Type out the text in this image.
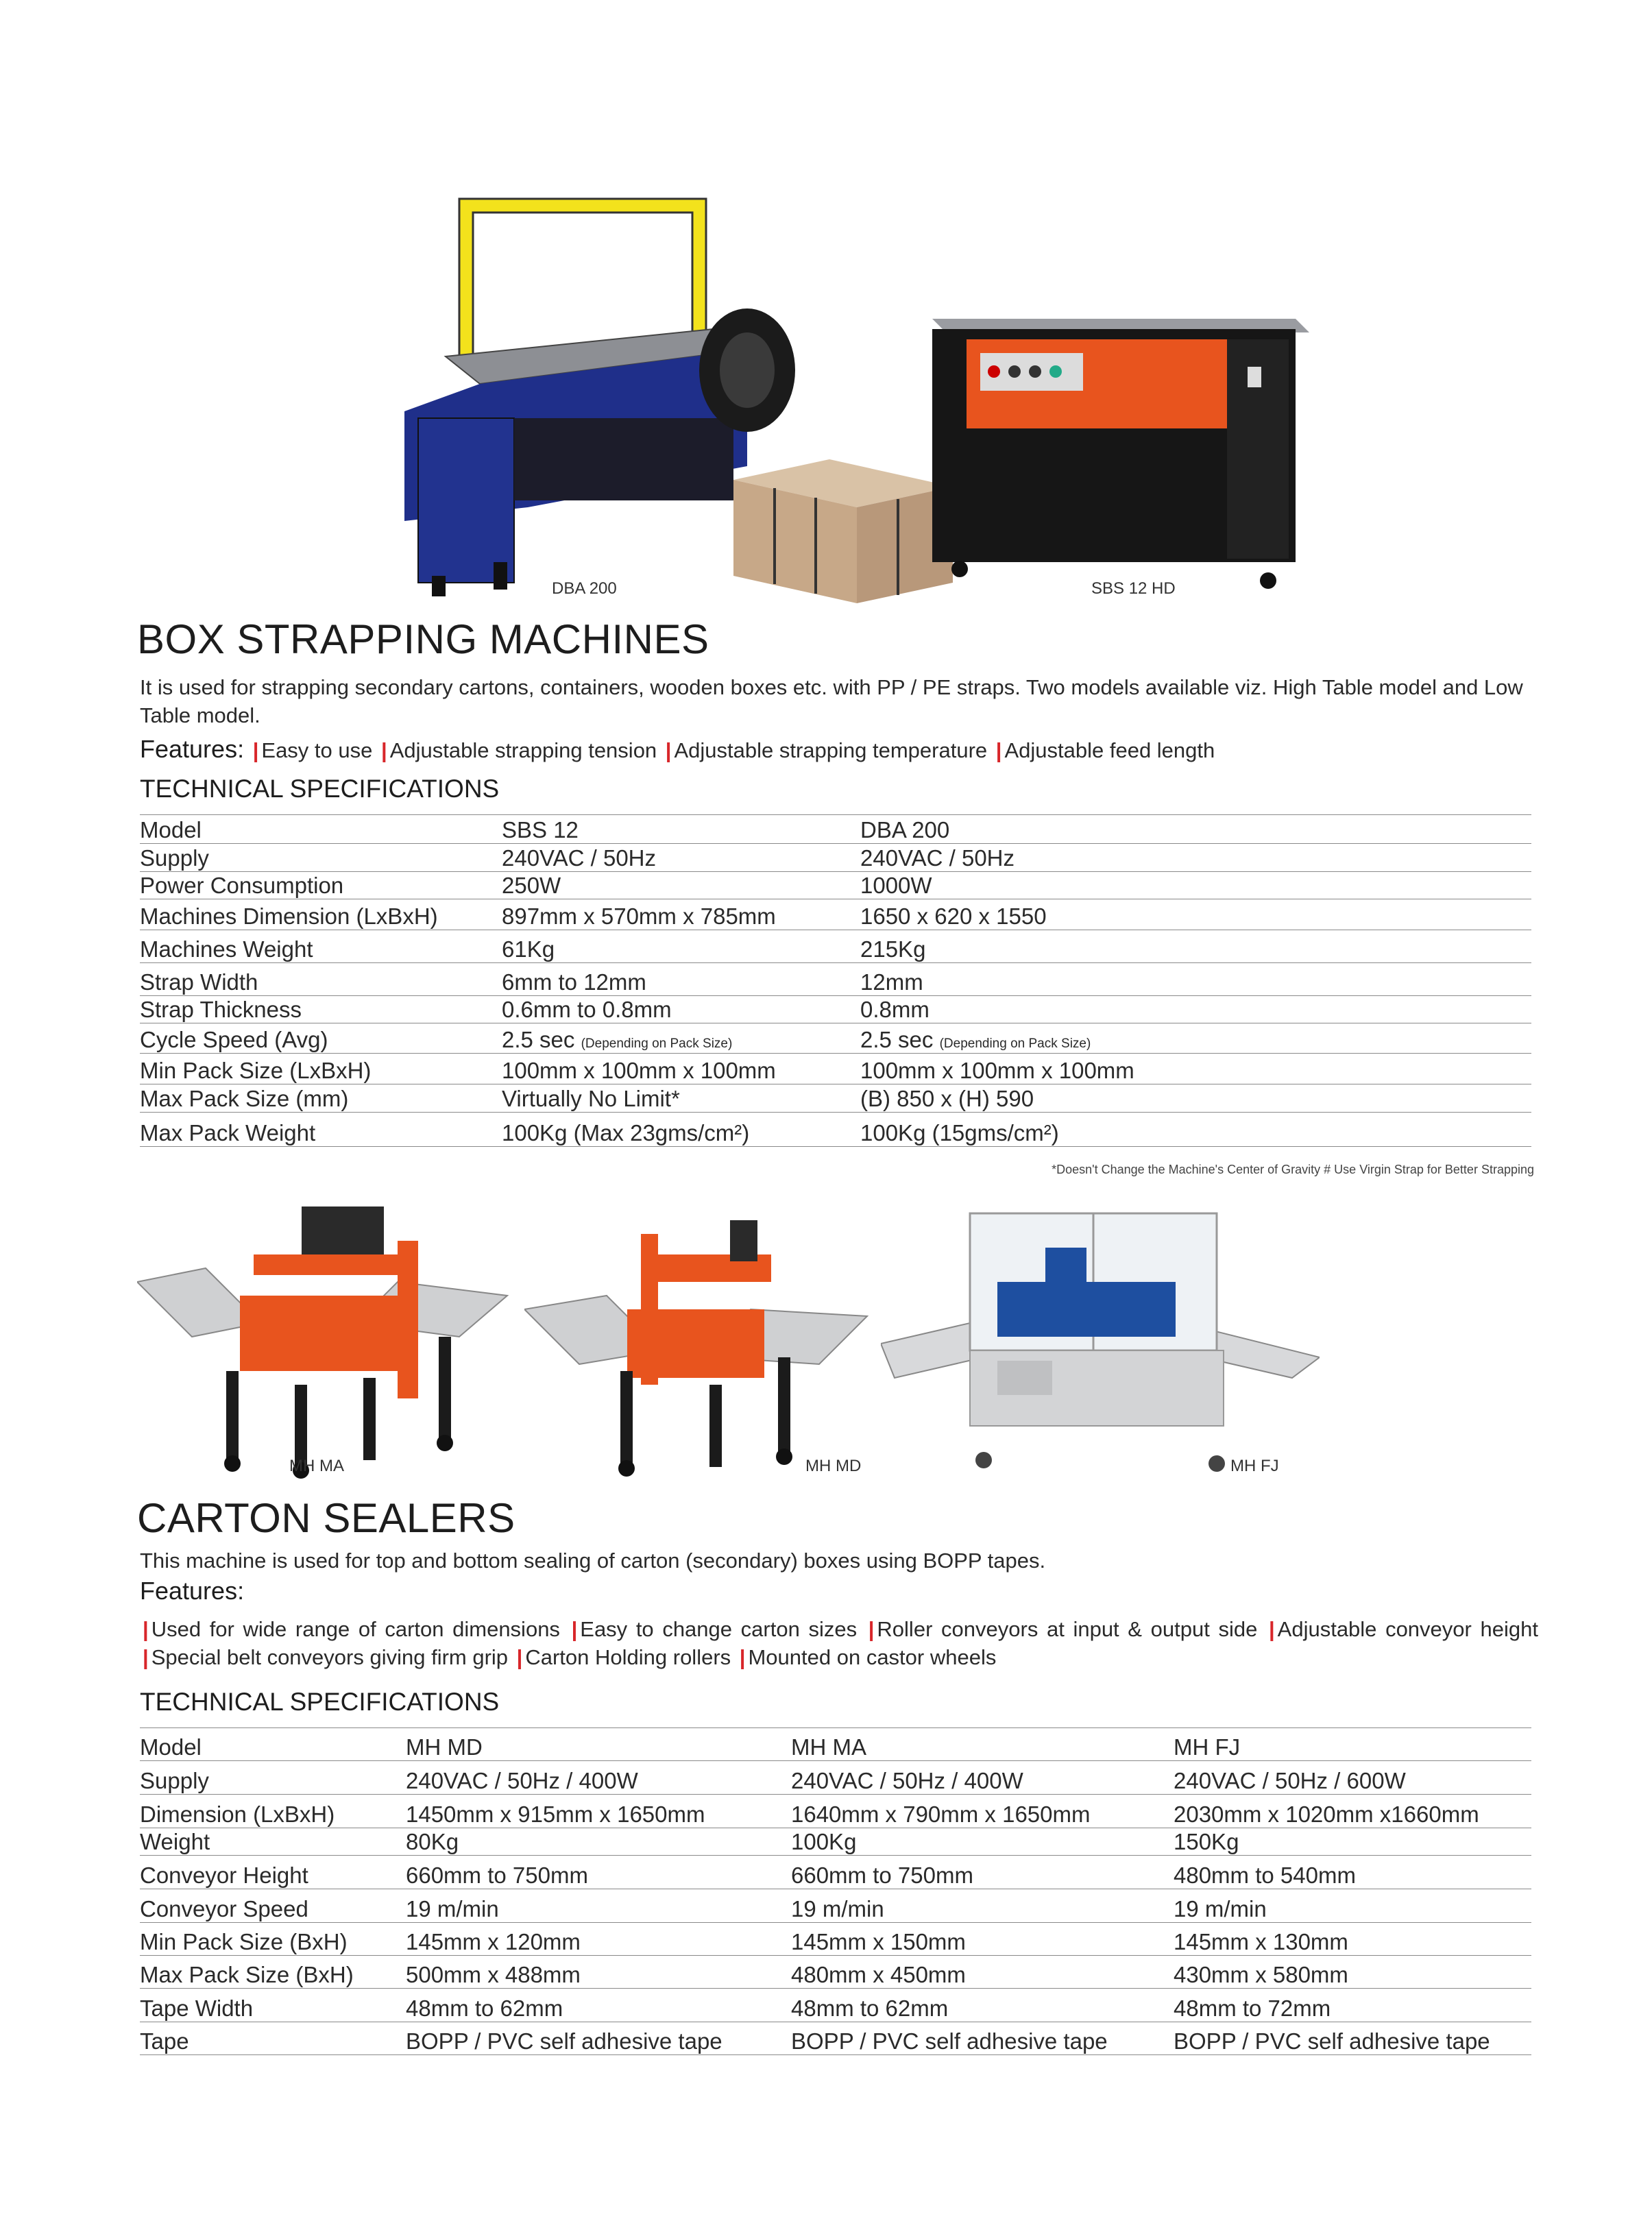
DBA 200	SBS 12 HD
BOX STRAPPING MACHINES
It is used for strapping secondary cartons, containers, wooden boxes etc. with PP / PE straps. Two models available viz. High Table model and Low Table model.
Features: | Easy to use | Adjustable strapping tension | Adjustable strapping temperature | Adjustable feed length
TECHNICAL SPECIFICATIONS
Model	SBS 12	DBA 200
Supply	240VAC / 50Hz	240VAC / 50Hz
Power Consumption	250W	1000W
Machines Dimension (LxBxH)	897mm x 570mm x 785mm	1650 x 620 x 1550
Machines Weight	61Kg	215Kg
Strap Width	6mm to 12mm	12mm
Strap Thickness	0.6mm to 0.8mm	0.8mm
Cycle Speed (Avg)	2.5 sec (Depending on Pack Size)	2.5 sec (Depending on Pack Size)
Min Pack Size (LxBxH)	100mm x 100mm x 100mm	100mm x 100mm x 100mm
Max Pack Size (mm)	Virtually No Limit*	(B) 850 x (H) 590
Max Pack Weight	100Kg (Max 23gms/cm²)	100Kg (15gms/cm²)
*Doesn't Change the Machine's Center of Gravity # Use Virgin Strap for Better Strapping
MH MA	MH MD	MH FJ
CARTON SEALERS
This machine is used for top and bottom sealing of carton (secondary) boxes using BOPP tapes.
Features:
| Used for wide range of carton dimensions | Easy to change carton sizes | Roller conveyors at input & output side | Adjustable conveyor height | Special belt conveyors giving firm grip | Carton Holding rollers | Mounted on castor wheels
TECHNICAL SPECIFICATIONS
Model	MH MD	MH MA	MH FJ
Supply	240VAC / 50Hz / 400W	240VAC / 50Hz / 400W	240VAC / 50Hz / 600W
Dimension (LxBxH)	1450mm x 915mm x 1650mm	1640mm x 790mm x 1650mm	2030mm x 1020mm x1660mm
Weight	80Kg	100Kg	150Kg
Conveyor Height	660mm to 750mm	660mm to 750mm	480mm to 540mm
Conveyor Speed	19 m/min	19 m/min	19 m/min
Min Pack Size (BxH)	145mm x 120mm	145mm x 150mm	145mm x 130mm
Max Pack Size (BxH)	500mm x 488mm	480mm x 450mm	430mm x 580mm
Tape Width	48mm to 62mm	48mm to 62mm	48mm to 72mm
Tape	BOPP / PVC self adhesive tape	BOPP / PVC self adhesive tape	BOPP / PVC self adhesive tape
